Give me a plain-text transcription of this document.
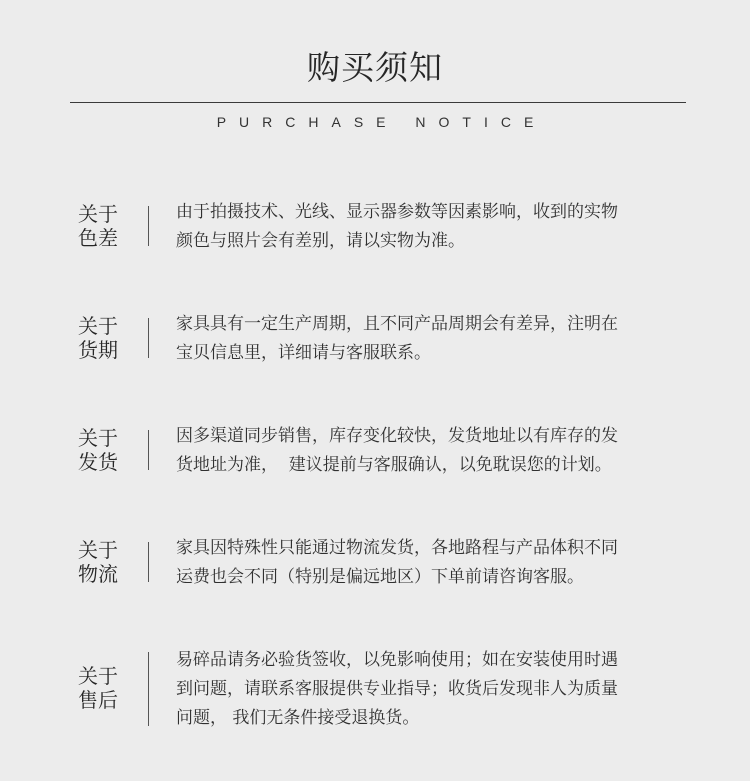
购买须知
PURCHASE NOTICE
关于
色差
由于拍摄技术、光线、显示器参数等因素影响，收到的实物
颜色与照片会有差别，请以实物为准。
关于
货期
家具具有一定生产周期，且不同产品周期会有差异，注明在
宝贝信息里，详细请与客服联系。
关于
发货
因多渠道同步销售，库存变化较快，发货地址以有库存的发
货地址为准，  建议提前与客服确认，以免耽误您的计划。
关于
物流
家具因特殊性只能通过物流发货，各地路程与产品体积不同
运费也会不同（特别是偏远地区）下单前请咨询客服。
关于
售后
易碎品请务必验货签收，以免影响使用；如在安装使用时遇
到问题，请联系客服提供专业指导；收货后发现非人为质量
问题， 我们无条件接受退换货。
